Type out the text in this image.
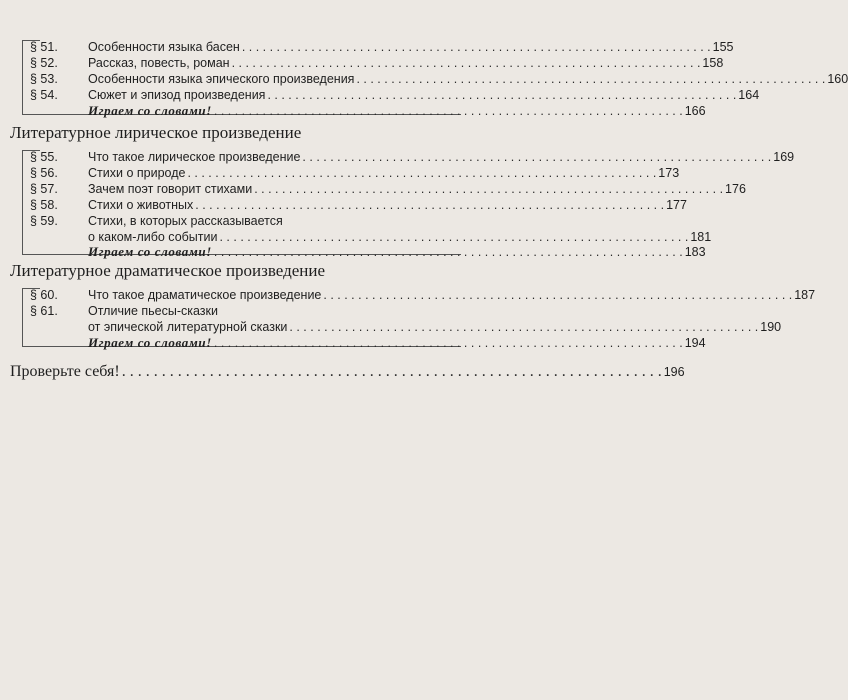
§ 51.	Особенности языка басен . . .	155
§ 52.	Рассказ, повесть, роман . . .	158
§ 53.	Особенности языка эпического произведения . . .	160
§ 54.	Сюжет и эпизод произведения . . .	164
Играем со словами! . . .	166
Литературное лирическое произведение
§ 55.	Что такое лирическое произведение . . .	169
§ 56.	Стихи о природе . . .	173
§ 57.	Зачем поэт говорит стихами . . .	176
§ 58.	Стихи о животных . . .	177
§ 59.	Стихи, в которых рассказывается
о каком-либо событии . . .	181
Играем со словами! . . .	183
Литературное драматическое произведение
§ 60.	Что такое драматическое произведение . . .	187
§ 61.	Отличие пьесы-сказки
от эпической литературной сказки . . .	190
Играем со словами! . . .	194
Проверьте себя! . . .	196
